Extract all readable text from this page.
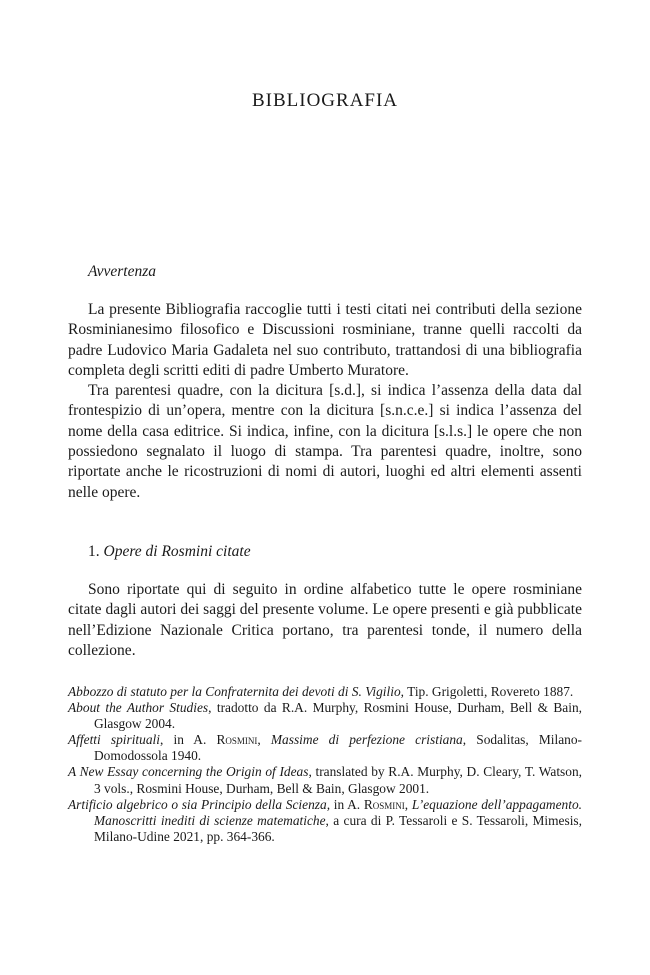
BIBLIOGRAFIA
Avvertenza

La presente Bibliografia raccoglie tutti i testi citati nei contributi della sezione Rosminianesimo filosofico e Discussioni rosminiane, tranne quelli raccolti da padre Ludovico Maria Gadaleta nel suo contributo, trattandosi di una bibliografia completa degli scritti editi di padre Umberto Muratore.

Tra parentesi quadre, con la dicitura [s.d.], si indica l’assenza della data dal frontespizio di un’opera, mentre con la dicitura [s.n.c.e.] si indica l’assenza del nome della casa editrice. Si indica, infine, con la dicitura [s.l.s.] le opere che non possiedono segnalato il luogo di stampa. Tra parentesi quadre, inoltre, sono riportate anche le ricostruzioni di nomi di autori, luoghi ed altri elementi assenti nelle opere.

1. Opere di Rosmini citate

Sono riportate qui di seguito in ordine alfabetico tutte le opere rosminiane citate dagli autori dei saggi del presente volume. Le opere presenti e già pubblicate nell’Edizione Nazionale Critica portano, tra parentesi tonde, il numero della collezione.

Abbozzo di statuto per la Confraternita dei devoti di S. Vigilio, Tip. Grigoletti, Rovereto 1887.
About the Author Studies, tradotto da R.A. Murphy, Rosmini House, Durham, Bell & Bain, Glasgow 2004.
Affetti spirituali, in A. Rosmini, Massime di perfezione cristiana, Sodalitas, Milano-Domodossola 1940.
A New Essay concerning the Origin of Ideas, translated by R.A. Murphy, D. Cleary, T. Watson, 3 vols., Rosmini House, Durham, Bell & Bain, Glasgow 2001.
Artificio algebrico o sia Principio della Scienza, in A. Rosmini, L’equazione dell’appagamento. Manoscritti inediti di scienze matematiche, a cura di P. Tessaroli e S. Tessaroli, Mimesis, Milano-Udine 2021, pp. 364-366.
